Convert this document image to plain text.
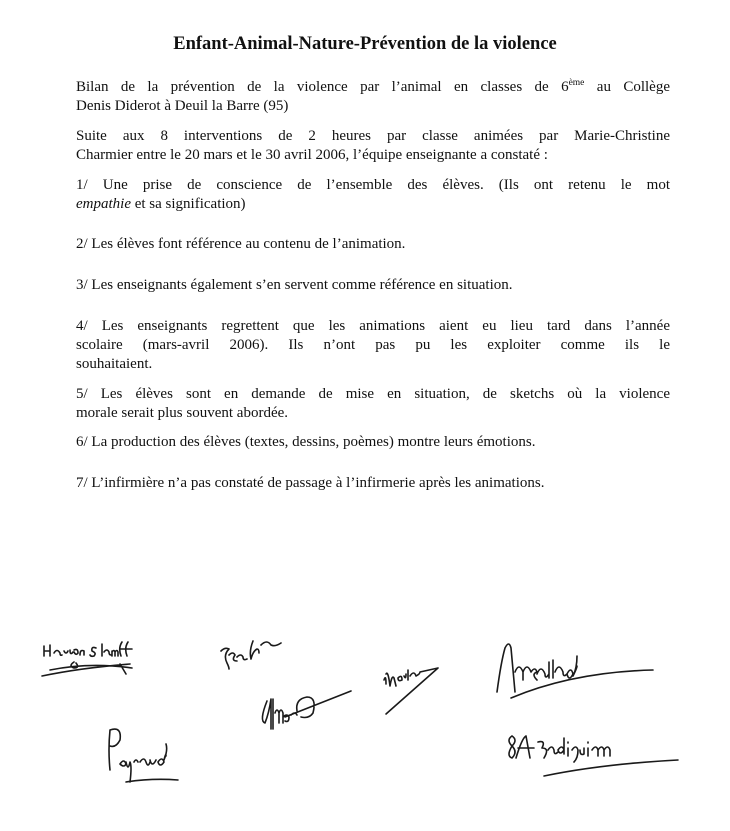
Enfant-Animal-Nature-Prévention de la violence
Bilan de la prévention de la violence par l’animal en classes de 6ème au Collège
Denis Diderot à Deuil la Barre (95)
Suite aux 8 interventions de 2 heures par classe animées par Marie-Christine
Charmier entre le 20 mars et le 30 avril 2006, l’équipe enseignante a constaté :
1/ Une prise de conscience de l’ensemble des élèves. (Ils ont retenu le mot
empathie et sa signification)
2/ Les élèves font référence au contenu de l’animation.
3/ Les enseignants également s’en servent comme référence en situation.
4/ Les enseignants regrettent que les animations aient eu lieu tard dans l’année
scolaire (mars-avril 2006). Ils n’ont pas pu les exploiter comme ils le
souhaitaient.
5/ Les élèves sont en demande de mise en situation, de sketchs où la violence
morale serait plus souvent abordée.
6/ La production des élèves (textes, dessins, poèmes) montre leurs émotions.
7/ L’infirmière n’a pas constaté de passage à l’infirmerie après les animations.
